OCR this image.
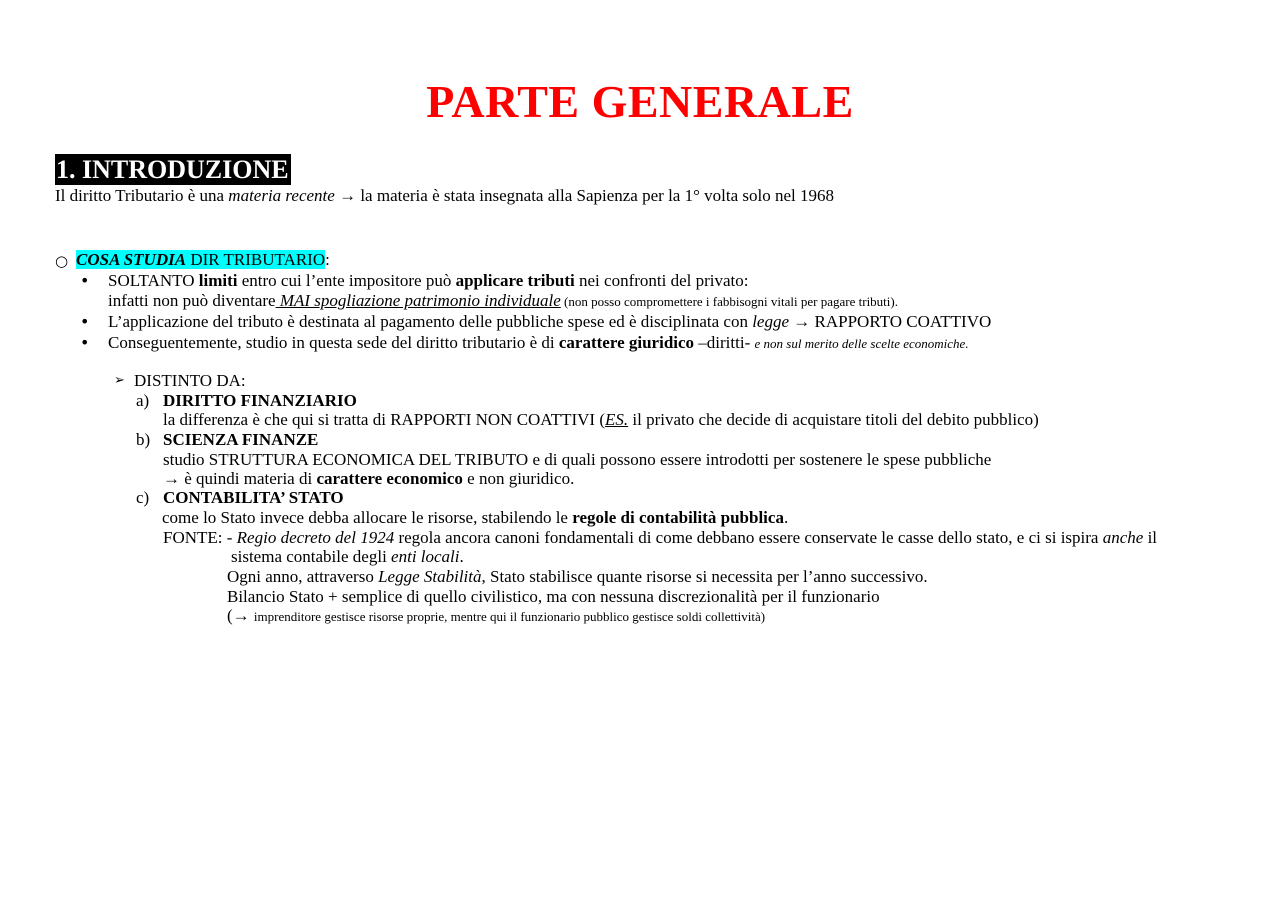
PARTE GENERALE
1. INTRODUZIONE
Il diritto Tributario è una materia recente → la materia è stata insegnata alla Sapienza per la 1° volta solo nel 1968
○ COSA STUDIA DIR TRIBUTARIO:
• SOLTANTO limiti entro cui l’ente impositore può applicare tributi nei confronti del privato:
infatti non può diventare MAI spogliazione patrimonio individuale (non posso compromettere i fabbisogni vitali per pagare tributi).
• L’applicazione del tributo è destinata al pagamento delle pubbliche spese ed è disciplinata con legge → RAPPORTO COATTIVO
• Conseguentemente, studio in questa sede del diritto tributario è di carattere giuridico –diritti- e non sul merito delle scelte economiche.
➢ DISTINTO DA:
a) DIRITTO FINANZIARIO
la differenza è che qui si tratta di RAPPORTI NON COATTIVI (ES. il privato che decide di acquistare titoli del debito pubblico)
b) SCIENZA FINANZE
studio STRUTTURA ECONOMICA DEL TRIBUTO e di quali possono essere introdotti per sostenere le spese pubbliche
→ è quindi materia di carattere economico e non giuridico.
c) CONTABILITA’ STATO
come lo Stato invece debba allocare le risorse, stabilendo le regole di contabilità pubblica.
FONTE: - Regio decreto del 1924 regola ancora canoni fondamentali di come debbano essere conservate le casse dello stato, e ci si ispira anche il
sistema contabile degli enti locali.
Ogni anno, attraverso Legge Stabilità, Stato stabilisce quante risorse si necessita per l’anno successivo.
Bilancio Stato + semplice di quello civilistico, ma con nessuna discrezionalità per il funzionario
(→ imprenditore gestisce risorse proprie, mentre qui il funzionario pubblico gestisce soldi collettività)
